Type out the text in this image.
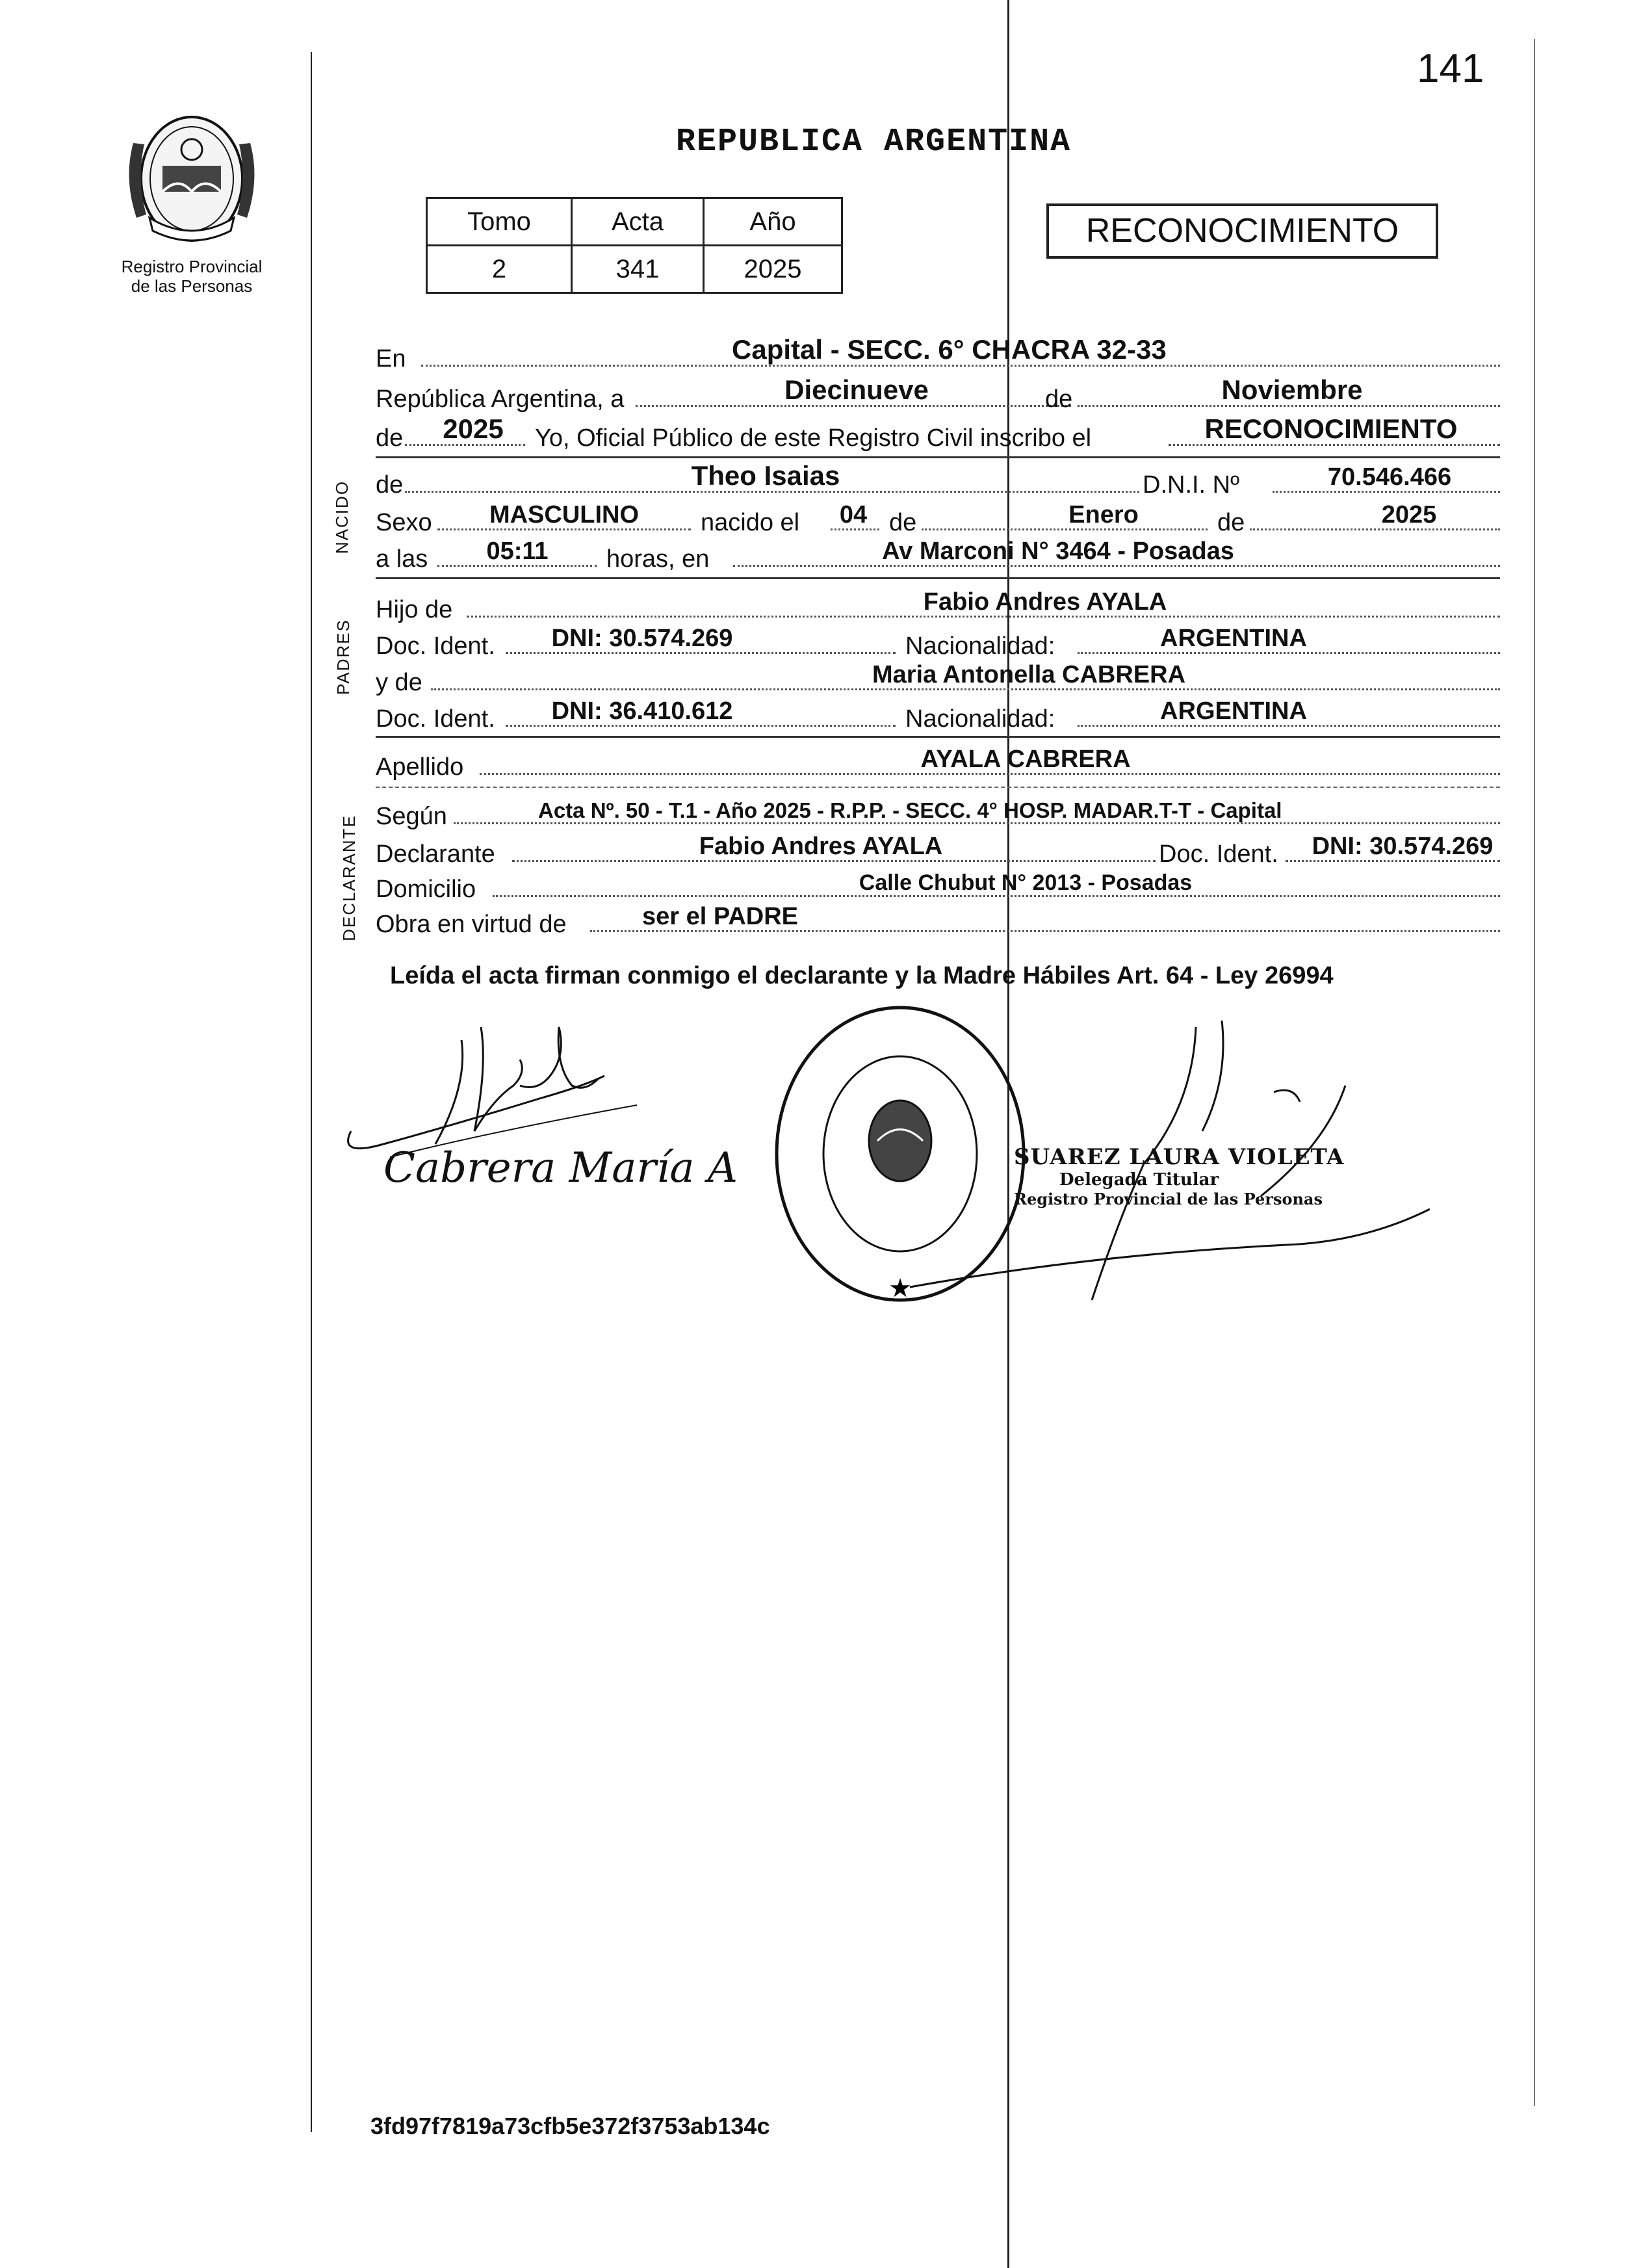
141
Registro Provincial
de las Personas
REPUBLICA ARGENTINA
Tomo	Acta	Año
2	341	2025
RECONOCIMIENTO
En	Capital - SECC. 6° CHACRA 32-33
República Argentina, a	Diecinueve	de	Noviembre
de 2025 Yo, Oficial Público de este Registro Civil inscribo el	RECONOCIMIENTO
NACIDO de	Theo Isaias	D.N.I. Nº	70.546.466
Sexo MASCULINO nacido el 04 de	Enero	de	2025
a las 05:11 horas, en	Av Marconi N° 3464 - Posadas
PADRES
Hijo de	Fabio Andres AYALA
Doc. Ident. DNI: 30.574.269	Nacionalidad:	ARGENTINA
y de	Maria Antonella CABRERA
Doc. Ident. DNI: 36.410.612	Nacionalidad:	ARGENTINA
Apellido	AYALA CABRERA
DECLARANTE Según	Acta Nº. 50 - T.1 - Año 2025 - R.P.P. - SECC. 4° HOSP. MADAR.T-T - Capital
Declarante	Fabio Andres AYALA	Doc. Ident. DNI: 30.574.269
Domicilio	Calle Chubut N° 2013 - Posadas
Obra en virtud de	ser el PADRE
Leída el acta firman conmigo el declarante y la Madre Hábiles Art. 64 - Ley 26994
Cabrera María A
★
SUAREZ LAURA VIOLETA
Delegada Titular
Registro Provincial de las Personas
3fd97f7819a73cfb5e372f3753ab134c
